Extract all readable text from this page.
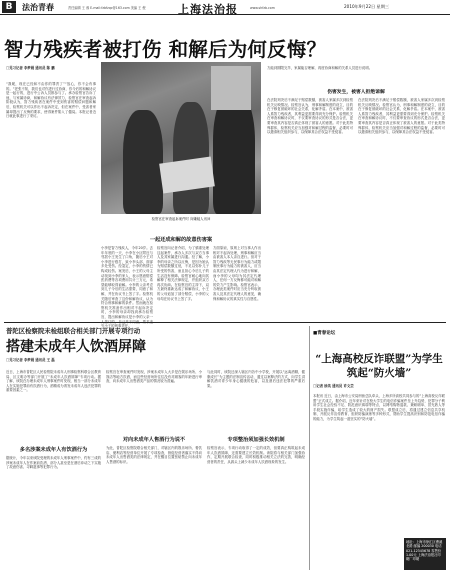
B	法治青春	责任编辑 王 蓉 E-mail:fzbfzqc@163.com 美编 王 俊	上海法治报	www.shfzb.com	2010年9月22日 星期三
智力残疾者被打伤 和解后为何反悔？
□见习记者 李梦娟 通讯员 陈 鹏
“我呢，现在已经和不由你的罪责了”“放心，你不会有事的。”老张不知，我们也对你进行过协商，你今后的和解协议是一起行的，进行中公诉人员都参与了。承办检察官告诉了他，与家属协商，和解协议有法律效力，检察官在审查起诉阶段认为，智力残疾者在案件中受到伤害的赔偿问题和解后，检察机关可以作出不起诉决定，但在案件中，受害者家属却提出了反悔的要求，使得案件陷入了僵局。本报记者近日就此事进行了采访。
检察官在审查起诉案件时 向嫌疑人讯问
一起还成和解的故意伤害案
小李是智力残疾人，今年20岁。去年年底的一天，小李在小区附近与邻居小王发生了口角，随后小王对小李进行殴打，致小李头部、面部多处受伤。经鉴定，小李的伤情已构成轻伤。案发后，小王的父母主动找到小李的家人，表示愿意赔偿医药费等各项费用共计三万元，希望能够取得谅解。小李的父亲考虑到儿子今后的生活需要，同意了和解，并在协议书上签了字。检察机关随后审查了这份和解协议，认为符合刑事和解的条件。然而就在检察机关准备作出相对不起诉决定时，小李的母亲却找到承办检察官，提出和解协议是小李的父亲一 究小王的刑事责任。
检察官向记者介绍，为了慎重处理这起案件，承办人多次与双方当事人及其家属进行沟通。经了解，小李的母亲之所以反悔，是因为她认为赔偿数额过低，不足以弥补儿子所受的伤害，而且担心今后儿子的生活没有保障。检察官耐心地向其解释了相关法律规定，并组织双方再次协商。在检察官的主持下，双方最终重新达成了和解协议，小王的父母追加了部分赔偿，小李的父母均在协议书上签了字。
方面原谅，原则上对当事人作出相对不起诉处理，刑事和解应当由被害人本人亲自进行。但对于智力残疾等无民事行为能力或限制民事行为能力的被害人，应当由其法定代理人代为进行和解，而小李的父母均为其法定代理人，任何一方反悔都可能对和解的效力产生影响。检察官表示，办理此类案件时应当充分听取被害人及其法定代理人的意见，确保和解协议的真实性与自愿性。
方能到期限完毕，家属能否理解，再度协商和解的关系人员进行说明。
伤害发生，被害人拒绝谅解
在法院判决后不满足于赔偿数额，被害人家属多次到检察机关反映情况。检察官认为，刑事和解制度的设立，目的在于修复被破坏的社会关系，化解矛盾。在本案中，被害人系智力残疾者，其利益更需要得到充分保护。检察机关在审查和解协议时，不仅要审查协议的形式是否合法，更要审查其内容是否真正体现了被害人的意愿。对于此类特殊群体，检察机关应当加强对和解过程的监督，必要时可以邀请相关组织参与，以保障其合法权益不受侵害。
在法院判决后不满足于赔偿数额，被害人家属多次到检察机关反映情况。检察官认为，刑事和解制度的设立，目的在于修复被破坏的社会关系，化解矛盾。在本案中，被害人系智力残疾者，其利益更需要得到充分保护。检察机关在审查和解协议时，不仅要审查协议的形式是否合法，更要审查其内容是否真正体现了被害人的意愿。对于此类特殊群体，检察机关应当加强对和解过程的监督，必要时可以邀请相关组织参与，以保障其合法权益不受侵害。
普陀区检察院未检组联合相关部门开展专项行动
搭建未成年人饮酒屏障
□见习记者 李梦娟 通讯员 王 磊
近日，上海市普陀区人民检察院未成年人刑事检察科联合区教育局、区文明办等部门开展了“未成年人饮酒屏障”专项行动。据了解，该院在办理未成年人刑事案件时发现，相当一部分未成年人在实施犯罪前有饮酒行为，酒精成为诱发未成年人违法犯罪的重要因素之一。
多名涉案未成年人有饮酒行为
据统计，今年以来该院受理的未成年人刑事案件中，约有三成的涉案未成年人在作案前饮酒，部分人甚至是在酒后冲动之下实施了故意伤害、寻衅滋事等犯罪行为。
检察官在审查案件时发现，涉案未成年人大多是在娱乐场所、小饭店等地方饮酒，而这些经营场所往往没有对顾客的年龄进行审查，向未成年人出售酒类产品的情况较为普遍。
对向未成年人售酒行为说不
为此，普陀区检察院联合相关部门，对辖区内的娱乐场所、餐饮店、便利店等经营单位开展了专项检查，督促经营者落实不得向未成年人出售酒类的法律规定，并在醒目位置张贴禁止向未成年人售酒的标识。
与此同时，该院还深入辖区内各中小学校，开展以“远离酒精，健康成长”为主题的法制宣传活动，通过以案释法的方式，向学生讲解饮酒对青少年身心健康的危害，以及酒后违法犯罪的严重后果。
专项整治须加强长效机制
检察官表示，专项行动取得了一定的成效，但要真正构筑起未成年人饮酒屏障，还需要建立长效机制。该院将与相关部门加强协作，定期开展联合检查，同时积极推动相关立法的完善，明确经营者的责任，从源头上减少未成年人饮酒现象的发生。
■青春论坛
“上海高校反诈联盟”为学生筑起“防火墙”
□记者 徐英 通讯员 许文芸
本报讯 近日，由上海市公安局刑侦总队牵头，上海多所高校共同参与的“上海高校反诈联盟”正式成立。据介绍，近年来针对在校大学生的电信诈骗案件呈上升趋势，犯罪分子利用学生社会经验不足、防范意识薄弱等特点，以网络购物退款、兼职刷单、冒充熟人等手段实施诈骗，给学生造成了较大的财产损失。联盟成立后，将通过建立信息共享机制、开展反诈宣传教育、组织防骗演练等多种形式，帮助学生提高识别和防范电信诈骗的能力，为学生筑起一道坚实的“防火墙”。
地址：上海市徐汇区漕溪北路 邮编 200030 电话 021-12345678 零售价 1.00元 上海法治报社印刷厂印刷
